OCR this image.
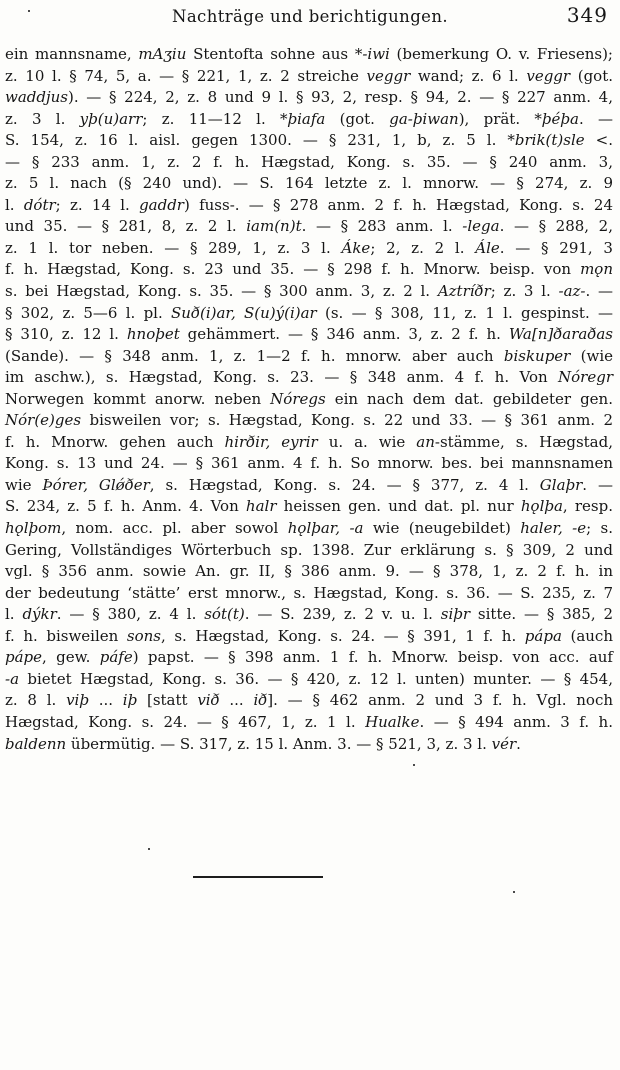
Nachträge und berichtigungen.	349
ein mannsname, mAʒiu Stentofta sohne aus *-iwi (bemerkung O. v. Friesens);
z. 10 l. § 74, 5, a. — § 221, 1, z. 2 streiche veggr wand; z. 6 l. veggr (got.
waddjus). — § 224, 2, z. 8 und 9 l. § 93, 2, resp. § 94, 2. — § 227 anm. 4,
z. 3 l. yþ(u)arr; z. 11—12 l. *þiafa (got. ga-þiwan), prät. *þéþa. —
S. 154, z. 16 l. aisl. gegen 1300. — § 231, 1, b, z. 5 l. *brik(t)sle <.
— § 233 anm. 1, z. 2 f. h. Hægstad, Kong. s. 35. — § 240 anm. 3,
z. 5 l. nach (§ 240 und). — S. 164 letzte z. l. mnorw. — § 274, z. 9
l. dótr; z. 14 l. gaddr) fuss-. — § 278 anm. 2 f. h. Hægstad, Kong. s. 24
und 35. — § 281, 8, z. 2 l. iam(n)t. — § 283 anm. l. -lega. — § 288, 2,
z. 1 l. tor neben. — § 289, 1, z. 3 l. Áke; 2, z. 2 l. Ále. — § 291, 3
f. h. Hægstad, Kong. s. 23 und 35. — § 298 f. h. Mnorw. beisp. von mǫn
s. bei Hægstad, Kong. s. 35. — § 300 anm. 3, z. 2 l. Aztríðr; z. 3 l. -az-. —
§ 302, z. 5—6 l. pl. Suð(i)ar, S(u)ý(i)ar (s. — § 308, 11, z. 1 l. gespinst. —
§ 310, z. 12 l. hnoþet gehämmert. — § 346 anm. 3, z. 2 f. h. Wa[n]ðaraðas
(Sande). — § 348 anm. 1, z. 1—2 f. h. mnorw. aber auch biskuper (wie
im aschw.), s. Hægstad, Kong. s. 23. — § 348 anm. 4 f. h. Von Nóregr
Norwegen kommt anorw. neben Nóregs ein nach dem dat. gebildeter gen.
Nór(e)ges bisweilen vor; s. Hægstad, Kong. s. 22 und 33. — § 361 anm. 2
f. h. Mnorw. gehen auch hirðir, eyrir u. a. wie an-stämme, s. Hægstad,
Kong. s. 13 und 24. — § 361 anm. 4 f. h. So mnorw. bes. bei mannsnamen
wie Þórer, Glǿðer, s. Hægstad, Kong. s. 24. — § 377, z. 4 l. Glaþr. —
S. 234, z. 5 f. h. Anm. 4. Von halr heissen gen. und dat. pl. nur hǫlþa, resp.
hǫlþom, nom. acc. pl. aber sowol hǫlþar, -a wie (neugebildet) haler, -e; s.
Gering, Vollständiges Wörterbuch sp. 1398. Zur erklärung s. § 309, 2 und
vgl. § 356 anm. sowie An. gr. II, § 386 anm. 9. — § 378, 1, z. 2 f. h. in
der bedeutung ‘stätte’ erst mnorw., s. Hægstad, Kong. s. 36. — S. 235, z. 7
l. dýkr. — § 380, z. 4 l. sót(t). — S. 239, z. 2 v. u. l. siþr sitte. — § 385, 2
f. h. bisweilen sons, s. Hægstad, Kong. s. 24. — § 391, 1 f. h. pápa (auch
pápe, gew. páfe) papst. — § 398 anm. 1 f. h. Mnorw. beisp. von acc. auf
-a bietet Hægstad, Kong. s. 36. — § 420, z. 12 l. unten) munter. — § 454,
z. 8 l. viþ ... iþ [statt við ... ið]. — § 462 anm. 2 und 3 f. h. Vgl. noch
Hægstad, Kong. s. 24. — § 467, 1, z. 1 l. Hualke. — § 494 anm. 3 f. h.
baldenn übermütig. — S. 317, z. 15 l. Anm. 3. — § 521, 3, z. 3 l. vér.
